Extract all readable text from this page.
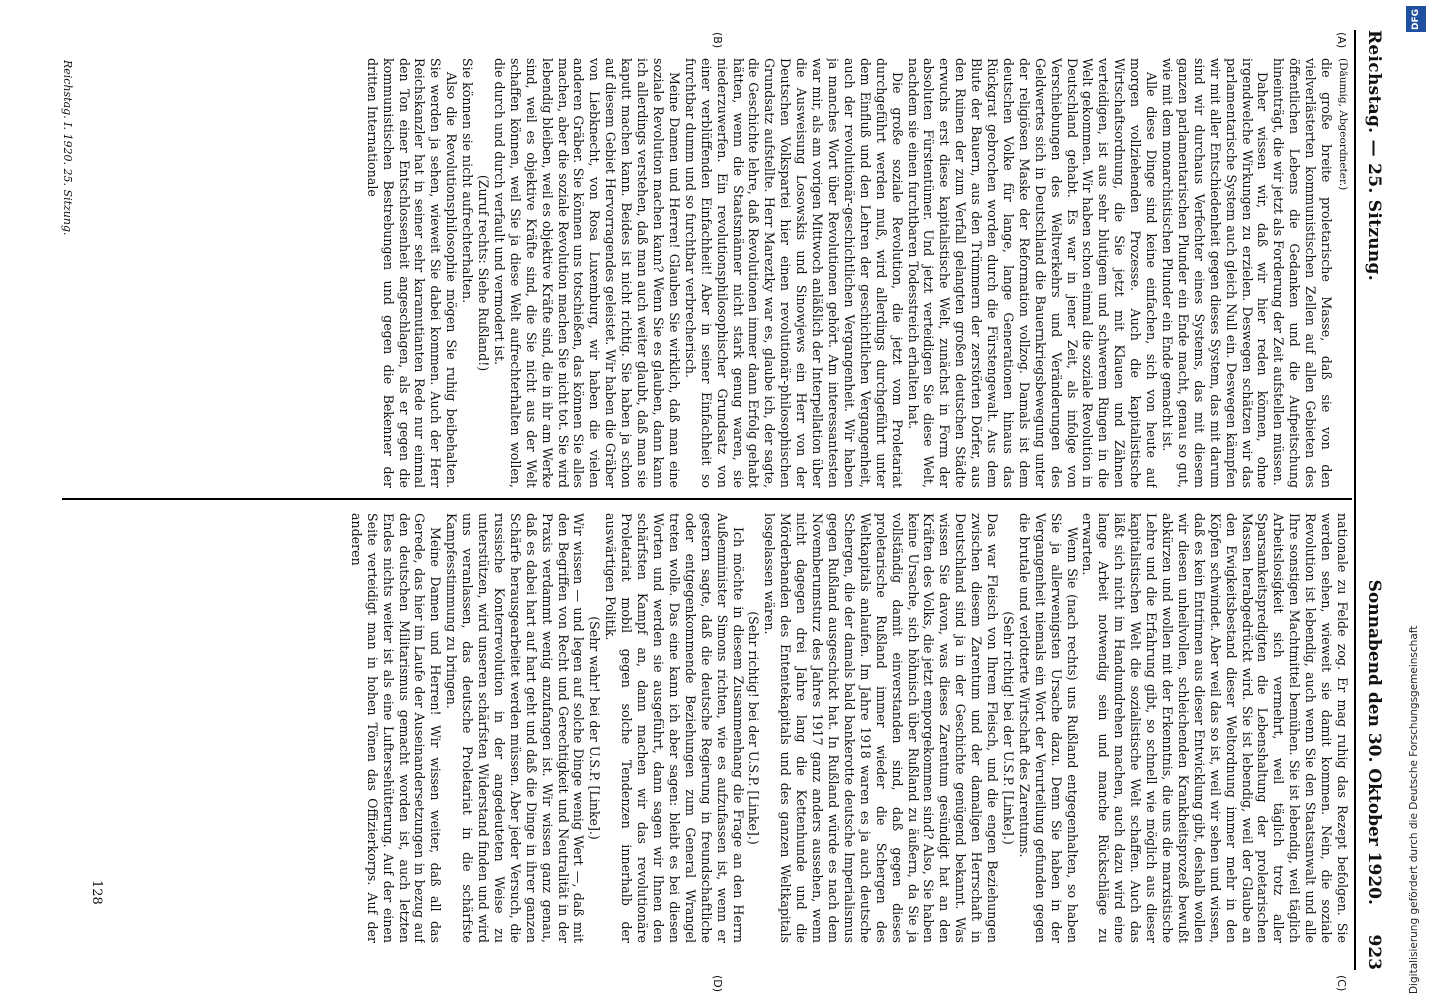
Reichstag. — 25. Sitzung.
Sonnabend den 30. Oktober 1920.     923
(A)
(B)
(C)
(D)

(Däumig, Abgeordneter.)

die große breite proletarische Masse, daß sie von den vielverlästerten kommunistischen Zellen auf allen Gebieten des öffentlichen Lebens die Gedanken und die Aufpeitschung hineinträgt, die wir jetzt als Forderung der Zeit aufstellen müssen.

Daher wissen wir, daß wir hier reden können, ohne irgendwelche Wirkungen zu erzielen. Deswegen schätzen wir das parlamentarische System auch gleich Null ein. Deswegen kämpfen wir mit aller Entschiedenheit gegen dieses System, das mit darum sind wir durchaus Verfechter eines Systems, das mit diesem ganzen parlamentarischen Plunder ein Ende macht, genau so gut, wie mit dem monarchistischen Plunder ein Ende gemacht ist.

Alle diese Dinge sind keine einfachen, sich von heute auf morgen vollziehenden Prozesse. Auch die kapitalistische Wirtschaftsordnung, die Sie jetzt mit Klauen und Zähnen verteidigen, ist aus sehr blutigem und schwerem Ringen in die Welt gekommen. Wir haben schon einmal die soziale Revolution in Deutschland gehabt. Es war in jener Zeit, als infolge von Verschiebungen des Weltverkehrs und Veränderungen des Geldwertes sich in Deutschland die Bauernkriegsbewegung unter der religiösen Maske der Reformation vollzog. Damals ist dem deutschen Volke für lange, lange Generationen hinaus das Rückgrat gebrochen worden durch die Fürstengewalt. Aus dem Blute der Bauern, aus den Trümmern der zerstörten Dörfer, aus den Ruinen der zum Verfall gelangten großen deutschen Städte erwuchs erst diese kapitalistische Welt, zunächst in Form der absoluten Fürstentümer. Und jetzt verteidigen Sie diese Welt, nachdem sie einen furchtbaren Todesstreich erhalten hat.

Die große soziale Revolution, die jetzt vom Proletariat durchgeführt werden muß, wird allerdings durchgeführt unter dem Einfluß und den Lehren der geschichtlichen Vergangenheit, auch der revolutionär-geschichtlichen Vergangenheit. Wir haben ja manches Wort über Revolutionen gehört. Am interessantesten war mir, als am vorigen Mittwoch anläßlich der Interpellation über die Ausweisung Losowskis und Sinowjews ein Herr von der Deutschen Volkspartei hier einen revolutionär-philosophischen Grundsatz aufstellte. Herr Mareztky war es, glaube ich, der sagte, die Geschichte lehre, daß Revolutionen immer dann Erfolg gehabt hätten, wenn die Staatsmänner nicht stark genug waren, sie niederzuwerfen. Ein revolutionsphilosophischer Grundsatz von einer verblüffenden Einfachheit! Aber in seiner Einfachheit so furchtbar dumm und so furchtbar verbrecherisch.

Meine Damen und Herren! Glauben Sie wirklich, daß man eine soziale Revolution machen kann? Wenn Sie es glauben, dann kann ich allerdings verstehen, daß man auch weiter glaubt, daß man sie kaputt machen kann. Beides ist nicht richtig. Sie haben ja schon auf diesem Gebiet Hervorragendes geleistet. Wir haben die Gräber von Liebknecht, von Rosa Luxemburg, wir haben die vielen anderen Gräber. Sie können uns totschießen, das können Sie alles machen, aber die soziale Revolution machen Sie nicht tot. Sie wird lebendig bleiben, weil es objektive Kräfte sind, die in ihr am Werke sind, weil es objektive Kräfte sind, die Sie nicht aus der Welt schaffen können, weil Sie ja diese Welt aufrechterhalten wollen, die durch und durch verfault und vermodert ist.

(Zuruf rechts: Siehe Rußland!)

Sie können sie nicht aufrechterhalten.

Also die Revolutionsphilosophie mögen Sie ruhig beibehalten. Sie werden ja sehen, wieweit Sie dabei kommen. Auch der Herr Reichskanzler hat in seiner sehr karamutianten Rede nur einmal den Ton einer Entschlossenheit angeschlagen, als er gegen die kommunistischen Bestrebungen und gegen die Bekenner der dritten Internationale

nationale zu Felde zog. Er mag ruhig das Rezept befolgen. Sie werden sehen, wieweit sie damit kommen. Nein, die soziale Revolution ist lebendig, auch wenn Sie den Staatsanwalt und alle Ihre sonstigen Machtmittel bemühen. Sie ist lebendig, weil täglich Arbeitslosigkeit sich vermehrt, weil täglich trotz aller Sparsamkeitspredigten die Lebenshaltung der proletarischen Massen herabgedrückt wird. Sie ist lebendig, weil der Glaube an den Ewigkeitsbestand dieser Weltordnung immer mehr in den Köpfen schwindet. Aber weil das so ist, weil wir sehen und wissen, daß es kein Entrinnen aus dieser Entwicklung gibt, deshalb wollen wir diesen unheilvollen, schleichenden Krankheitsprozeß bewußt abkürzen und wollen mit der Erkenntnis, die uns die marxistische Lehre und die Erfahrung gibt, so schnell wie möglich aus dieser kapitalistischen Welt die sozialistische Welt schaffen. Auch das läßt sich nicht im Handumdrehen machen, auch dazu wird eine lange Arbeit notwendig sein und manche Rückschläge zu erwarten.

Wenn Sie (nach rechts) uns Rußland entgegenhalten, so haben Sie ja allerwenigsten Ursache dazu. Denn Sie haben in der Vergangenheit niemals ein Wort der Verurteilung gefunden gegen die brutale und verlotterte Wirtschaft des Zarentums.

(Sehr richtig! bei der U.S.P. [Linke].)

Das war Fleisch von Ihrem Fleisch, und die engen Beziehungen zwischen diesem Zarentum und der damaligen Herrschaft in Deutschland sind ja in der Geschichte genügend bekannt. Was wissen Sie davon, was dieses Zarentum gesündigt hat an den Kräften des Volks, die jetzt emporgekommen sind? Also, Sie haben keine Ursache, sich höhnisch über Rußland zu äußern, da Sie ja vollständig damit einverstanden sind, daß gegen dieses proletarische Rußland immer wieder die Schergen des Weltkapitals anlaufen. Im Jahre 1918 waren es ja auch deutsche Schergen, die der damals bald bankerotte deutsche Imperialismus gegen Rußland ausgeschickt hat. In Rußland würde es nach dem Novemberumsturz des Jahres 1917 ganz anders aussehen, wenn nicht dagegen drei Jahre lang die Kettenhunde und die Mörderbanden des Ententekapitals und des ganzen Weltkapitals losgelassen wären.

(Sehr richtig! bei der U.S.P. [Linke].)

Ich möchte in diesem Zusammenhang die Frage an den Herrn Außenminister Simons richten, wie es aufzufassen ist, wenn er gestern sagte, daß die deutsche Regierung in freundschaftliche oder entgegenkommende Beziehungen zum General Wrangel treten wolle. Das eine kann ich aber sagen: bleibt es bei diesen Worten und werden sie ausgeführt, dann sagen wir Ihnen den schärfsten Kampf an, dann machen wir das revolutionäre Proletariat mobil gegen solche Tendenzen innerhalb der auswärtigen Politik.

(Sehr wahr! bei der U.S.P. [Linke].)

Wir wissen — und legen auf solche Dinge wenig Wert —, daß mit den Begriffen von Recht und Gerechtigkeit und Neutralität in der Praxis verdammt wenig anzufangen ist. Wir wissen ganz genau, daß es dabei hart auf hart geht und daß die Dinge in ihrer ganzen Schärfe herausgearbeitet werden müssen. Aber jeder Versuch, die russische Konterrevolution in der angedeuteten Weise zu unterstützen, wird unseren schärfsten Widerstand finden und wird uns veranlassen, das deutsche Proletariat in die schärfste Kampfesstimmung zu bringen.

Meine Damen und Herren! Wir wissen weiter, daß all das Gerede, das hier im Laufe der Auseinandersetzungen in bezug auf den deutschen Militarismus gemacht worden ist, auch letzten Endes nichts weiter ist als eine Luftersehütterung. Auf der einen Seite verteidigt man in hohen Tönen das Offizierkorps. Auf der anderen

128
Reichstag. I. 1920. 25. Sitzung.
DFG
Digitalisierung gefördert durch die Deutsche Forschungsgemeinschaft
